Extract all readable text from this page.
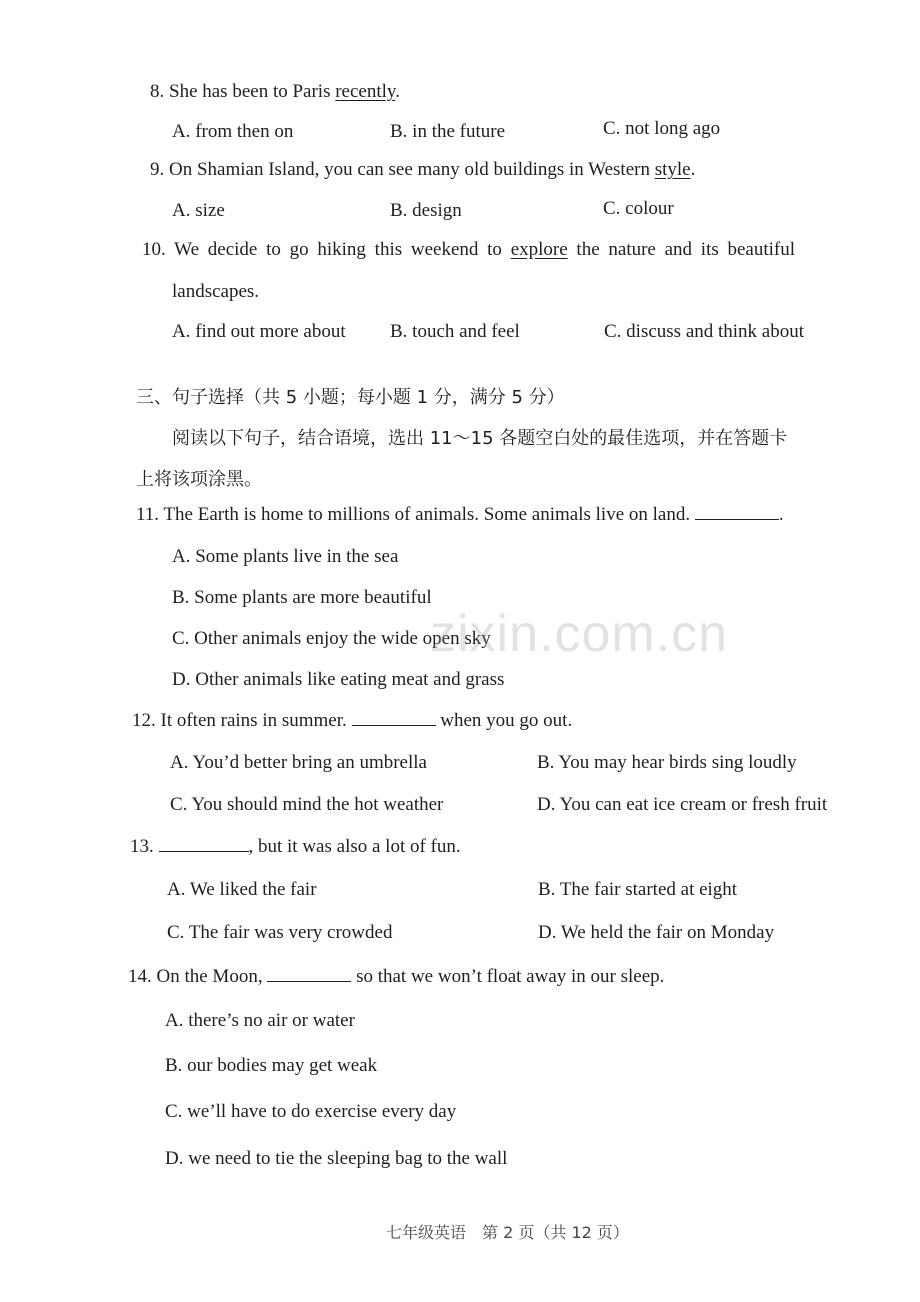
8. She has been to Paris recently.
A. from then on	B. in the future	C. not long ago
9. On Shamian Island, you can see many old buildings in Western style.
A. size	B. design	C. colour
10. We decide to go hiking this weekend to explore the nature and its beautiful
landscapes.
A. find out more about B. touch and feel	C. discuss and think about
三、句子选择（共 5 小题；每小题 1 分，满分 5 分）
阅读以下句子，结合语境，选出 11～15 各题空白处的最佳选项，并在答题卡
上将该项涂黑。
11. The Earth is home to millions of animals. Some animals live on land.	.
A. Some plants live in the sea
B. Some plants are more beautiful
C. Other animals enjoy the wide open sky
D. Other animals like eating meat and grass
12. It often rains in summer.	when you go out.
A. You’d better bring an umbrella	B. You may hear birds sing loudly
C. You should mind the hot weather	D. You can eat ice cream or fresh fruit
13.	, but it was also a lot of fun.
A. We liked the fair	B. The fair started at eight
C. The fair was very crowded	D. We held the fair on Monday
14. On the Moon,	so that we won’t float away in our sleep.
A. there’s no air or water
B. our bodies may get weak
C. we’ll have to do exercise every day
D. we need to tie the sleeping bag to the wall
zixin.com.cn
七年级英语　第 2 页（共 12 页）
